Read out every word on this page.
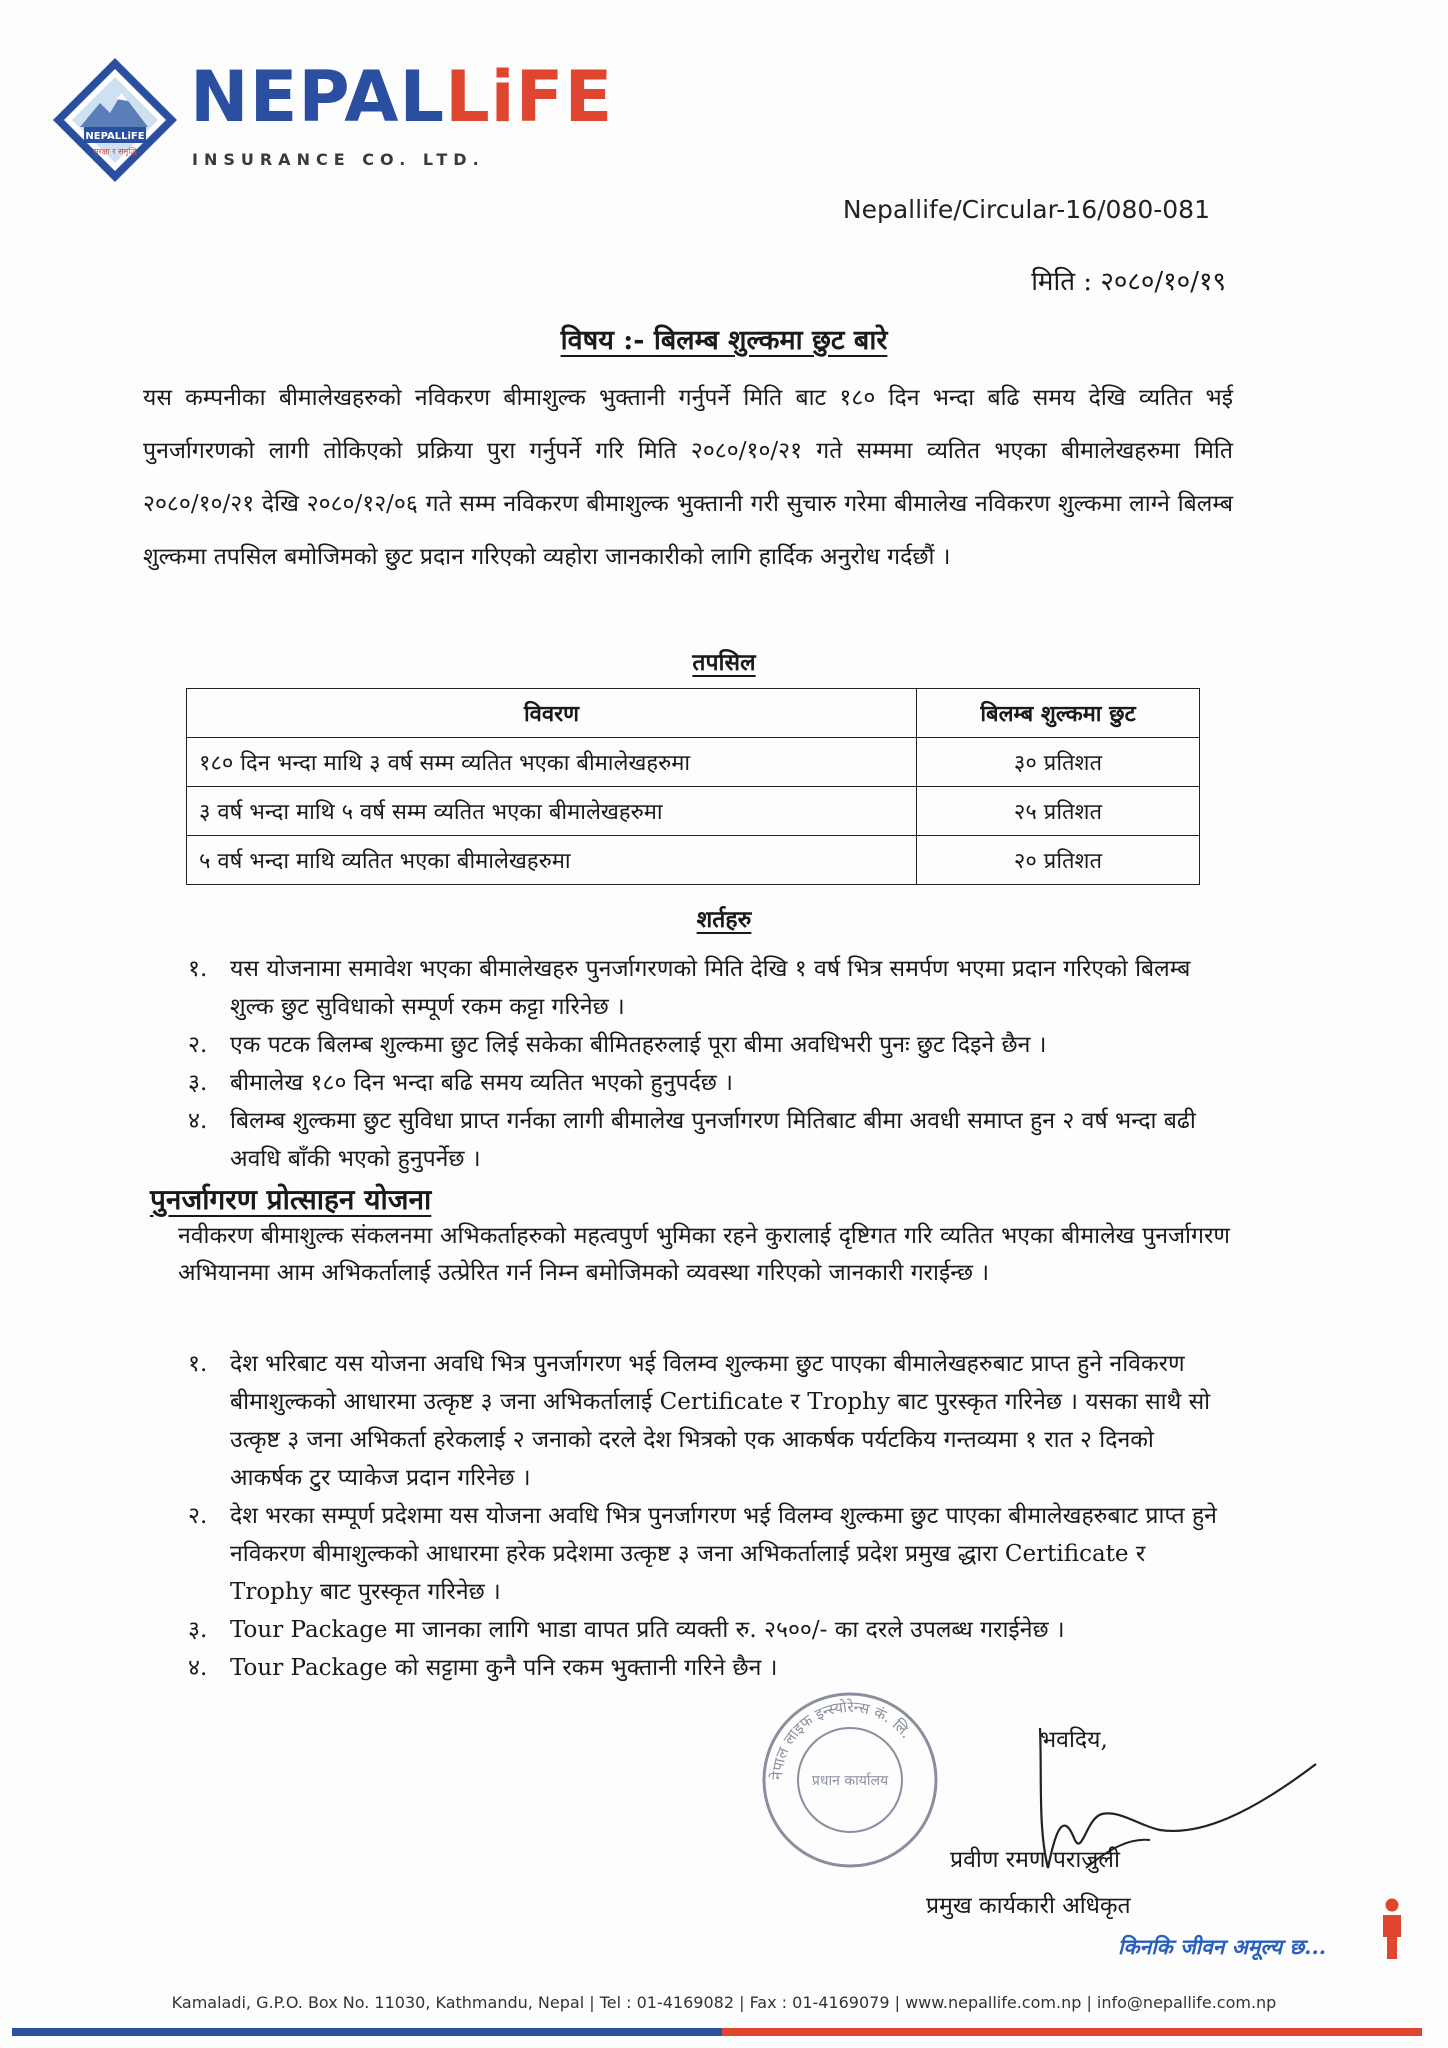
NEPALLiFE
सुरक्षा र समृद्धि
NEPALLiFE
INSURANCE CO. LTD.
Nepallife/Circular-16/080-081
मिति : २०८०/१०/१९
विषय :- बिलम्ब शुल्कमा छुट बारे
यस कम्पनीका बीमालेखहरुको नविकरण बीमाशुल्क भुक्तानी गर्नुपर्ने मिति बाट १८० दिन भन्दा बढि समय देखि व्यतित भई पुनर्जागरणको लागी तोकिएको प्रक्रिया पुरा गर्नुपर्ने गरि मिति २०८०/१०/२१ गते सम्ममा व्यतित भएका बीमालेखहरुमा मिति २०८०/१०/२१ देखि २०८०/१२/०६ गते सम्म नविकरण बीमाशुल्क भुक्तानी गरी सुचारु गरेमा बीमालेख नविकरण शुल्कमा लाग्ने बिलम्ब शुल्कमा तपसिल बमोजिमको छुट प्रदान गरिएको व्यहोरा जानकारीको लागि हार्दिक अनुरोध गर्दछौं ।
तपसिल
विवरण	बिलम्ब शुल्कमा छुट
१८० दिन भन्दा माथि ३ वर्ष सम्म व्यतित भएका बीमालेखहरुमा	३० प्रतिशत
३ वर्ष भन्दा माथि ५ वर्ष सम्म व्यतित भएका बीमालेखहरुमा	२५ प्रतिशत
५ वर्ष भन्दा माथि व्यतित भएका बीमालेखहरुमा	२० प्रतिशत
शर्तहरु
१. यस योजनामा समावेश भएका बीमालेखहरु पुनर्जागरणको मिति देखि १ वर्ष भित्र समर्पण भएमा प्रदान गरिएको बिलम्ब शुल्क छुट सुविधाको सम्पूर्ण रकम कट्टा गरिनेछ ।
२. एक पटक बिलम्ब शुल्कमा छुट लिई सकेका बीमितहरुलाई पूरा बीमा अवधिभरी पुनः छुट दिइने छैन ।
३. बीमालेख १८० दिन भन्दा बढि समय व्यतित भएको हुनुपर्दछ ।
४. बिलम्ब शुल्कमा छुट सुविधा प्राप्त गर्नका लागी बीमालेख पुनर्जागरण मितिबाट बीमा अवधी समाप्त हुन २ वर्ष भन्दा बढी अवधि बाँकी भएको हुनुपर्नेछ ।
पुनर्जागरण प्रोत्साहन योजना
नवीकरण बीमाशुल्क संकलनमा अभिकर्ताहरुको महत्वपुर्ण भुमिका रहने कुरालाई दृष्टिगत गरि व्यतित भएका बीमालेख पुनर्जागरण अभियानमा आम अभिकर्तालाई उत्प्रेरित गर्न निम्न बमोजिमको व्यवस्था गरिएको जानकारी गराईन्छ ।
१. देश भरिबाट यस योजना अवधि भित्र पुनर्जागरण भई विलम्व शुल्कमा छुट पाएका बीमालेखहरुबाट प्राप्त हुने नविकरण बीमाशुल्कको आधारमा उत्कृष्ट ३ जना अभिकर्तालाई Certificate र Trophy बाट पुरस्कृत गरिनेछ । यसका साथै सो उत्कृष्ट ३ जना अभिकर्ता हरेकलाई २ जनाको दरले देश भित्रको एक आकर्षक पर्यटकिय गन्तव्यमा १ रात २ दिनको आकर्षक टुर प्याकेज प्रदान गरिनेछ ।
२. देश भरका सम्पूर्ण प्रदेशमा यस योजना अवधि भित्र पुनर्जागरण भई विलम्व शुल्कमा छुट पाएका बीमालेखहरुबाट प्राप्त हुने नविकरण बीमाशुल्कको आधारमा हरेक प्रदेशमा उत्कृष्ट ३ जना अभिकर्तालाई प्रदेश प्रमुख द्धारा Certificate र Trophy बाट पुरस्कृत गरिनेछ ।
३. Tour Package मा जानका लागि भाडा वापत प्रति व्यक्ती रु. २५००/- का दरले उपलब्ध गराईनेछ ।
४. Tour Package को सट्टामा कुनै पनि रकम भुक्तानी गरिने छैन ।
नेपाल लाइफ इन्स्योरेन्स कं. लि.
प्रधान कार्यालय
भवदिय,
प्रवीण रमण पराजुली
प्रमुख कार्यकारी अधिकृत
किनकि जीवन अमूल्य छ...
Kamaladi, G.P.O. Box No. 11030, Kathmandu, Nepal | Tel : 01-4169082 | Fax : 01-4169079 | www.nepallife.com.np | info@nepallife.com.np
